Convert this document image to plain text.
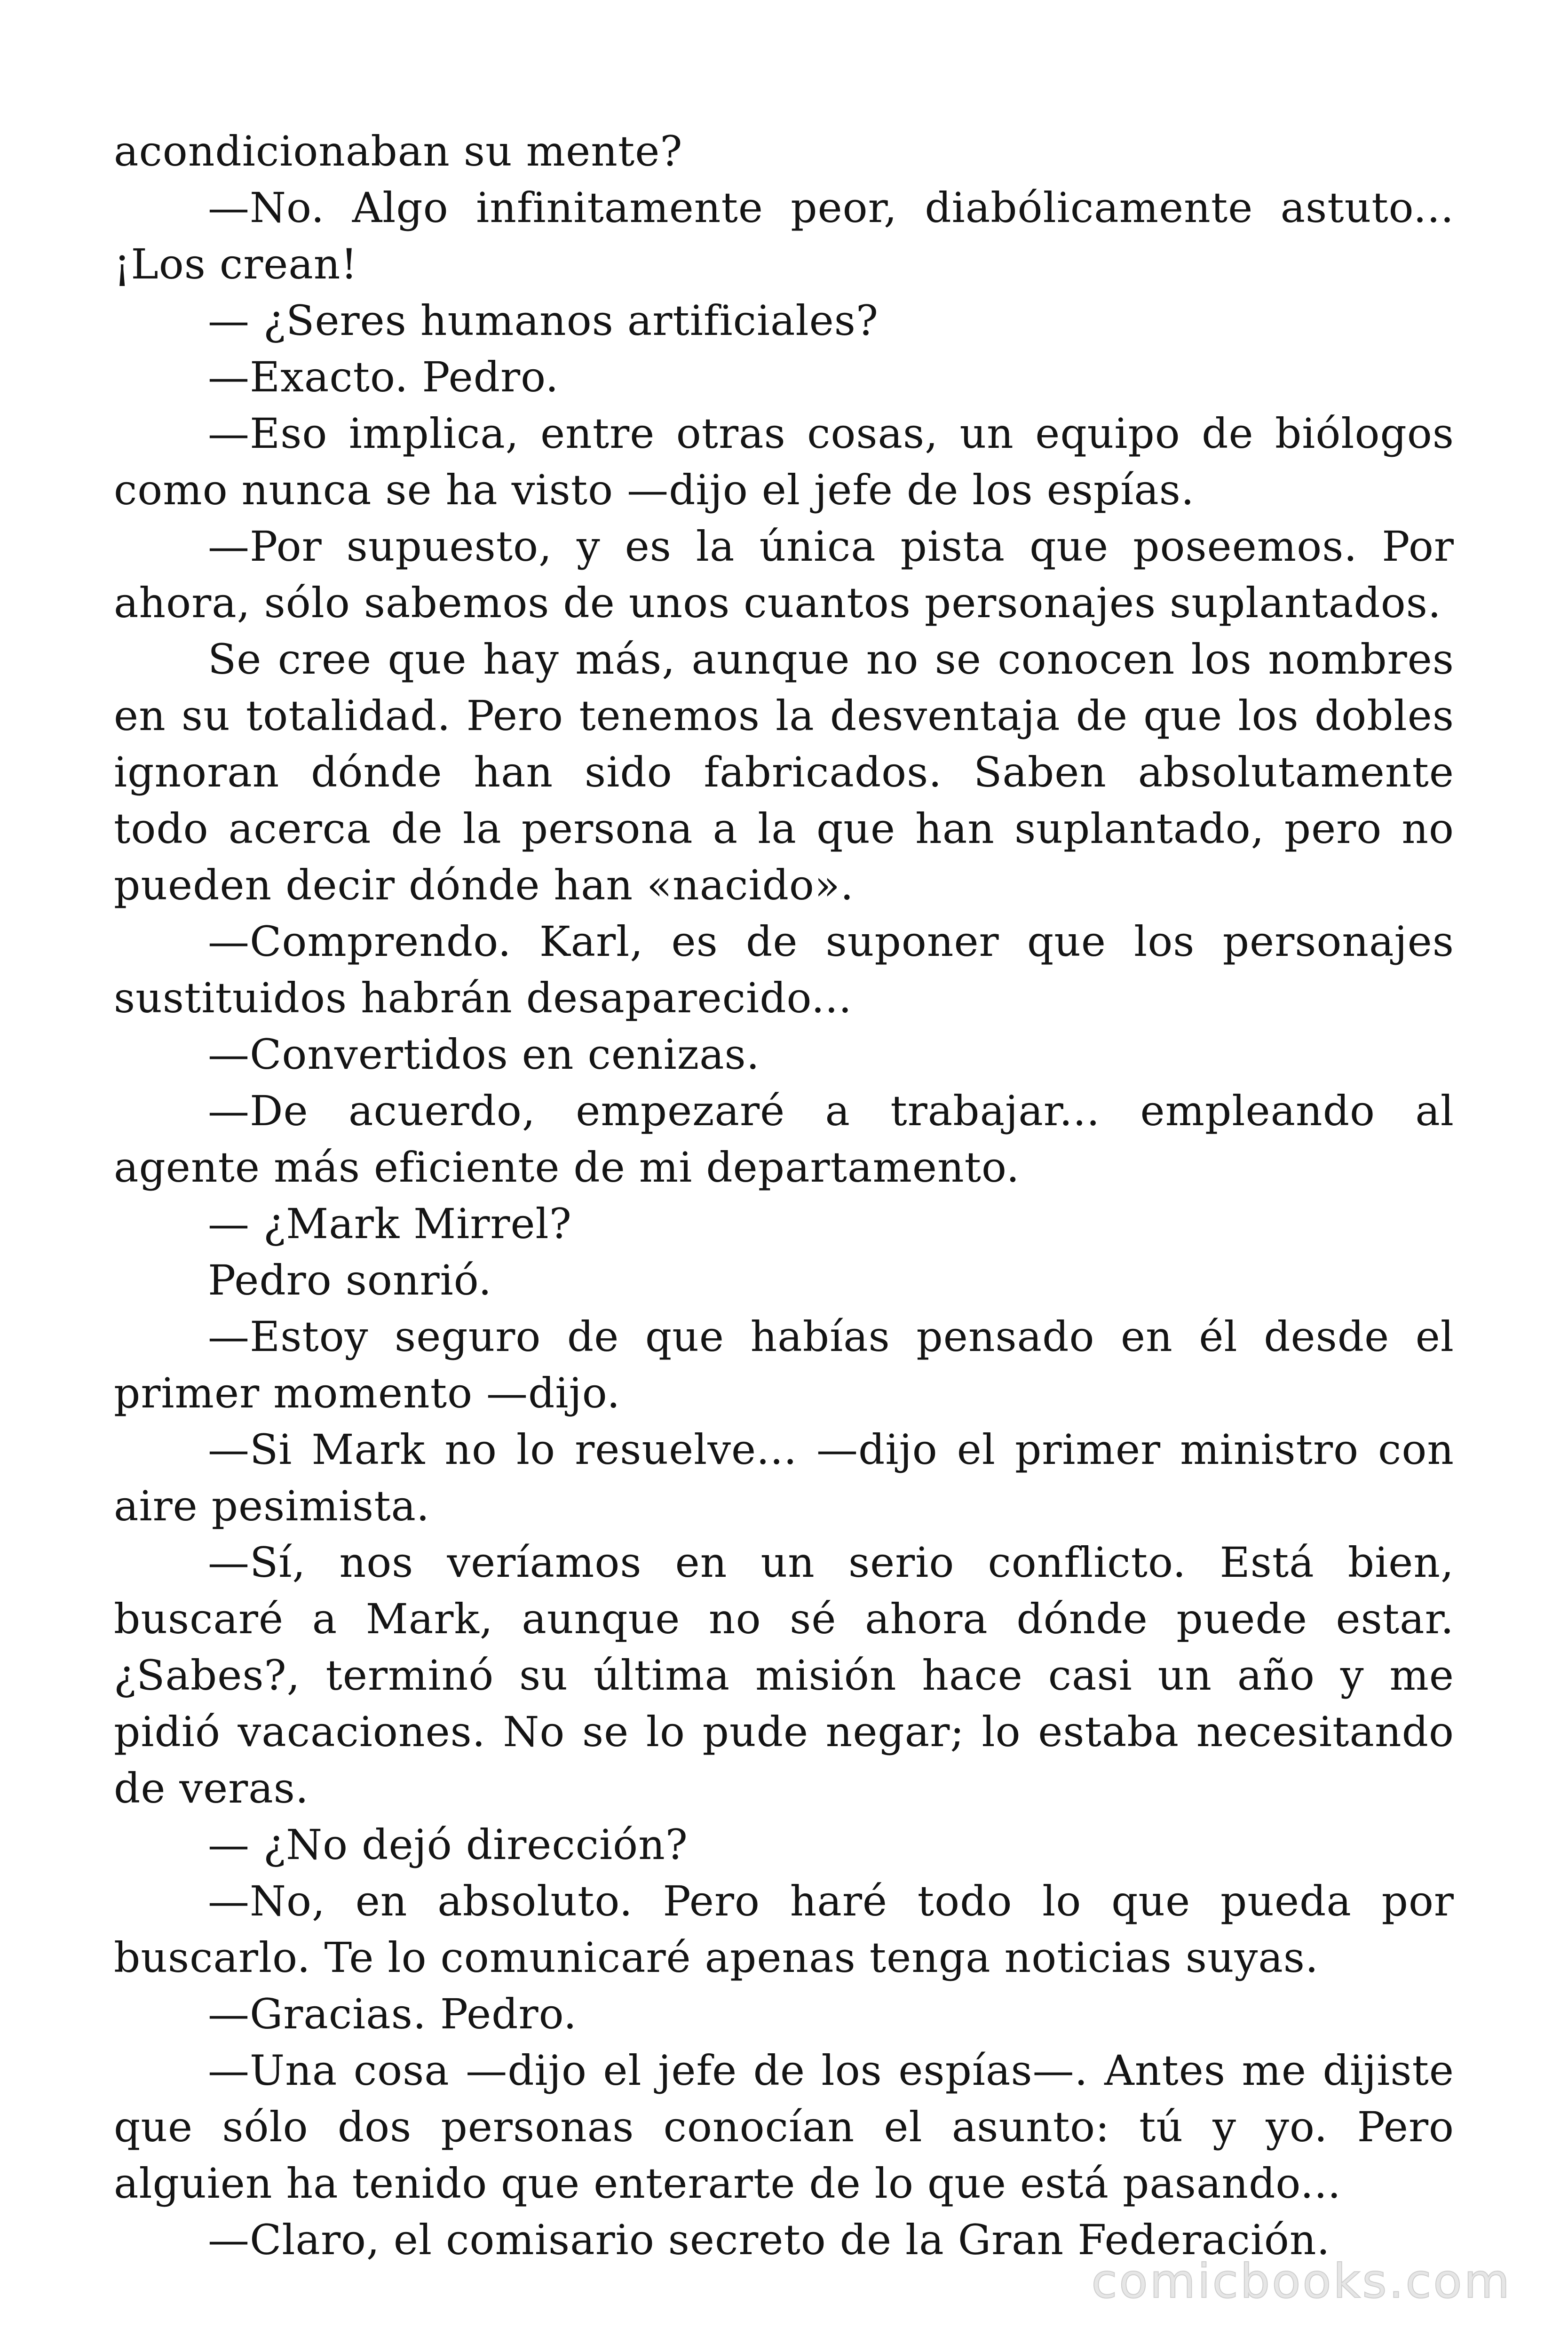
acondicionaban su mente?

—No. Algo infinitamente peor, diabólicamente astuto... ¡Los crean!

— ¿Seres humanos artificiales?

—Exacto. Pedro.

—Eso implica, entre otras cosas, un equipo de biólogos como nunca se ha visto —dijo el jefe de los espías.

—Por supuesto, y es la única pista que poseemos. Por ahora, sólo sabemos de unos cuantos personajes suplantados.

Se cree que hay más, aunque no se conocen los nombres en su totalidad. Pero tenemos la desventaja de que los dobles ignoran dónde han sido fabricados. Saben absolutamente todo acerca de la persona a la que han suplantado, pero no pueden decir dónde han «nacido».

—Comprendo. Karl, es de suponer que los personajes sustituidos habrán desaparecido...

—Convertidos en cenizas.

—De acuerdo, empezaré a trabajar... empleando al agente más eficiente de mi departamento.

— ¿Mark Mirrel?

Pedro sonrió.

—Estoy seguro de que habías pensado en él desde el primer momento —dijo.

—Si Mark no lo resuelve... —dijo el primer ministro con aire pesimista.

—Sí, nos veríamos en un serio conflicto. Está bien, buscaré a Mark, aunque no sé ahora dónde puede estar. ¿Sabes?, terminó su última misión hace casi un año y me pidió vacaciones. No se lo pude negar; lo estaba necesitando de veras.

— ¿No dejó dirección?

—No, en absoluto. Pero haré todo lo que pueda por buscarlo. Te lo comunicaré apenas tenga noticias suyas.

—Gracias. Pedro.

—Una cosa —dijo el jefe de los espías—. Antes me dijiste que sólo dos personas conocían el asunto: tú y yo. Pero alguien ha tenido que enterarte de lo que está pasando...

—Claro, el comisario secreto de la Gran Federación.

comicbooks.com
